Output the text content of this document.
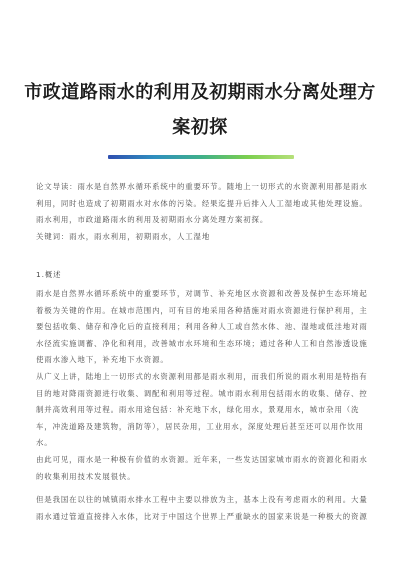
市政道路雨水的利用及初期雨水分离处理方
案初探
论文导读：雨水是自然界水循环系统中的重要环节。随地上一切形式的水资源利用都是雨水
利用，同时也造成了初期雨水对水体的污染。经果迄提升后排入人工湿地或其他处理设施。
雨水利用，市政道路雨水的利用及初期雨水分离处理方案初探。
关键词：雨水，雨水利用，初期雨水，人工湿地
1.概述
雨水是自然界水循环系统中的重要环节，对调节、补充地区水资源和改善及保护生态环境起
着极为关键的作用。在城市范围内，可有目的地采用各种措施对雨水资源进行保护利用，主
要包括收集、储存和净化后的直接利用；利用各种人工或自然水体、池、湿地或低洼地对雨
水径流实施调蓄、净化和利用，改善城市水环境和生态环境；通过各种人工和自然渗透设施
使雨水渗入地下，补充地下水资源。
从广义上讲，陆地上一切形式的水资源利用都是雨水利用，而我们所说的雨水利用是特指有
目的地对降雨资源进行收集、调配和利用等过程。城市雨水利用包括雨水的收集、储存、控
制并高效利用等过程。雨水用途包括：补充地下水，绿化用水，景观用水，城市杂用（洗
车，冲洗道路及建筑物，消防等），居民杂用，工业用水，深度处理后甚至还可以用作饮用
水。
由此可见，雨水是一种极有价值的水资源。近年来，一些发达国家城市雨水的资源化和雨水
的收集利用技术发展很快。
但是我国在以往的城镇雨水排水工程中主要以排放为主，基本上没有考虑雨水的利用。大量
雨水通过管道直接排入水体，比对于中国这个世界上严重缺水的国家来说是一种极大的资源
